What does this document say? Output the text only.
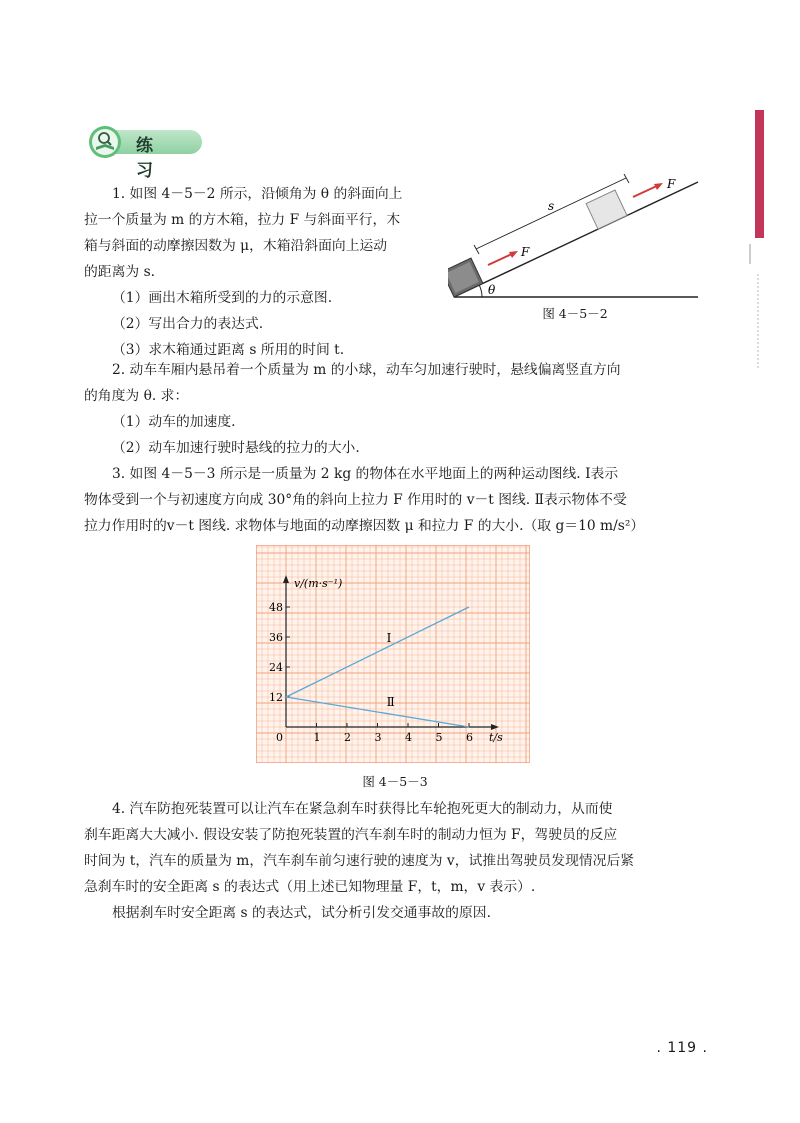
练 习

1. 如图 4－5－2 所示，沿倾角为 θ 的斜面向上

拉一个质量为 m 的方木箱，拉力 F 与斜面平行，木

箱与斜面的动摩擦因数为 μ，木箱沿斜面向上运动

的距离为 s.

（1）画出木箱所受到的力的示意图.

（2）写出合力的表达式.

（3）求木箱通过距离 s 所用的时间 t.

θ
F
F
s
图 4－5－2

2. 动车车厢内悬吊着一个质量为 m 的小球，动车匀加速行驶时，悬线偏离竖直方向

的角度为 θ. 求：

（1）动车的加速度.

（2）动车加速行驶时悬线的拉力的大小.

3. 如图 4－5－3 所示是一质量为 2 kg 的物体在水平地面上的两种运动图线. Ⅰ表示

物体受到一个与初速度方向成 30°角的斜向上拉力 F 作用时的 v－t 图线. Ⅱ表示物体不受

拉力作用时的v－t 图线. 求物体与地面的动摩擦因数 μ 和拉力 F 的大小.（取 g＝10 m/s²）

0	1 2 3 4 5 6
12
24
36
48
Ⅰ
Ⅱ
v/(m·s⁻¹)
t/s
图 4－5－3

4. 汽车防抱死装置可以让汽车在紧急刹车时获得比车轮抱死更大的制动力，从而使

刹车距离大大减小. 假设安装了防抱死装置的汽车刹车时的制动力恒为 F，驾驶员的反应

时间为 t，汽车的质量为 m，汽车刹车前匀速行驶的速度为 v，试推出驾驶员发现情况后紧

急刹车时的安全距离 s 的表达式（用上述已知物理量 F，t，m，v 表示）.

根据刹车时安全距离 s 的表达式，试分析引发交通事故的原因.

. 119 .
